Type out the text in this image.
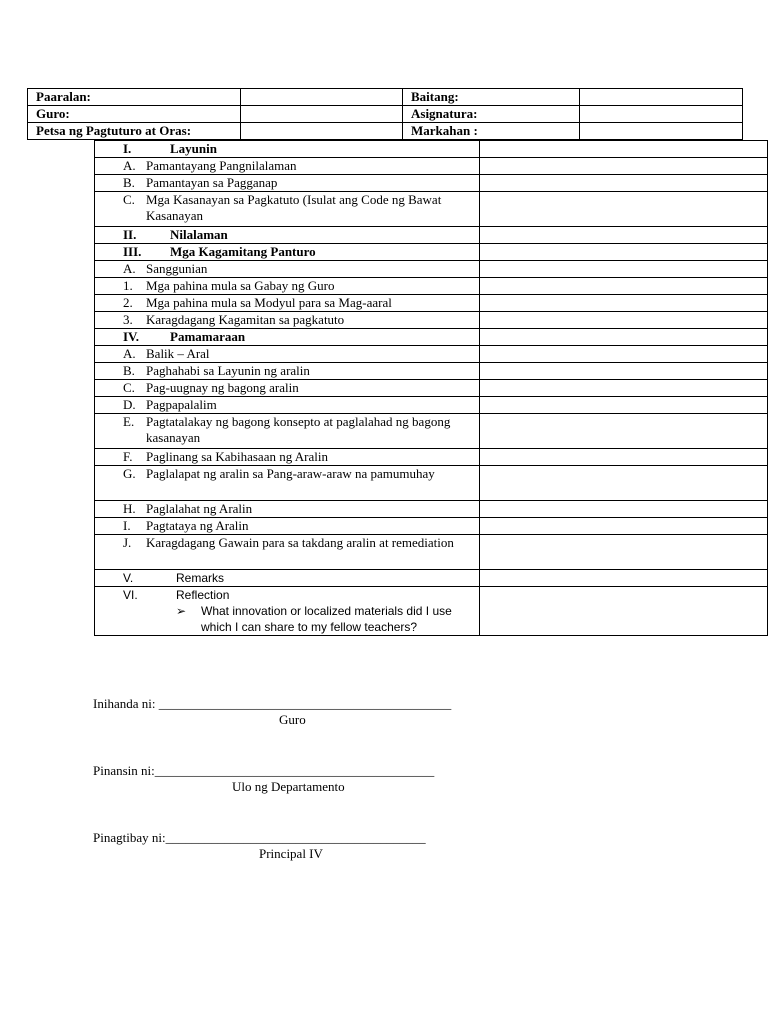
Paaralan:		Baitang:	
Guro:		Asignatura:	
Petsa ng Pagtuturo at Oras:		Markahan :	
I. Layunin	

A. Pamantayang Pangnilalaman	

B. Pamantayan sa Pagganap	

C. Mga Kasanayan sa Pagkatuto (Isulat ang Code ng Bawat Kasanayan	

II. Nilalaman	

III. Mga Kagamitang Panturo	

A. Sanggunian	

1. Mga pahina mula sa Gabay ng Guro	

2. Mga pahina mula sa Modyul para sa Mag-aaral	

3. Karagdagang Kagamitan sa pagkatuto	

IV. Pamamaraan	

A. Balik – Aral	

B. Paghahabi sa Layunin ng aralin	

C. Pag-uugnay ng bagong aralin	

D. Pagpapalalim	

E. Pagtatalakay ng bagong konsepto at paglalahad ng bagong kasanayan	

F. Paglinang sa Kabihasaan ng Aralin	

G. Paglalapat ng aralin sa Pang-araw-araw na pamumuhay	

H. Paglalahat ng Aralin	

I. Pagtataya ng Aralin	

J. Karagdagang Gawain para sa takdang aralin at remediation	

V. Remarks	

VI. Reflection
➢ What innovation or localized materials did I use which I can share to my fellow teachers?	

Inihanda ni: _____________________________________________
Guro
Pinansin ni:___________________________________________
Ulo ng Departamento
Pinagtibay ni:________________________________________
Principal IV
